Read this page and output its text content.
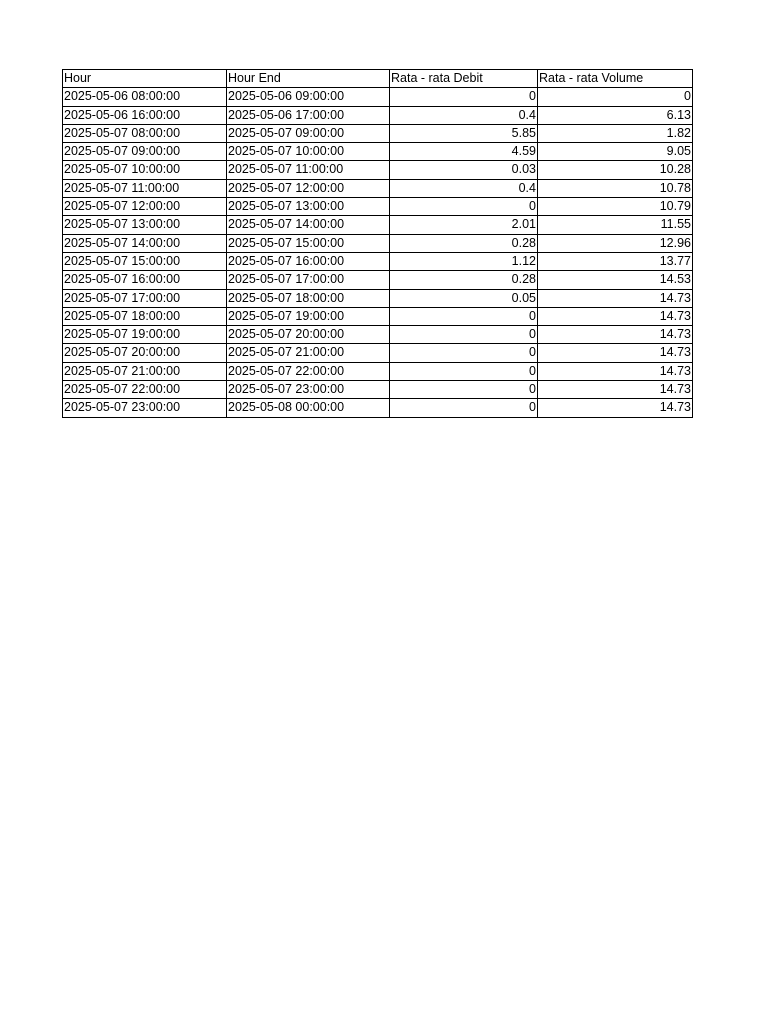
Hour	Hour End	Rata - rata Debit	Rata - rata Volume
2025-05-06 08:00:00	2025-05-06 09:00:00	0	0
2025-05-06 16:00:00	2025-05-06 17:00:00	0.4	6.13
2025-05-07 08:00:00	2025-05-07 09:00:00	5.85	1.82
2025-05-07 09:00:00	2025-05-07 10:00:00	4.59	9.05
2025-05-07 10:00:00	2025-05-07 11:00:00	0.03	10.28
2025-05-07 11:00:00	2025-05-07 12:00:00	0.4	10.78
2025-05-07 12:00:00	2025-05-07 13:00:00	0	10.79
2025-05-07 13:00:00	2025-05-07 14:00:00	2.01	11.55
2025-05-07 14:00:00	2025-05-07 15:00:00	0.28	12.96
2025-05-07 15:00:00	2025-05-07 16:00:00	1.12	13.77
2025-05-07 16:00:00	2025-05-07 17:00:00	0.28	14.53
2025-05-07 17:00:00	2025-05-07 18:00:00	0.05	14.73
2025-05-07 18:00:00	2025-05-07 19:00:00	0	14.73
2025-05-07 19:00:00	2025-05-07 20:00:00	0	14.73
2025-05-07 20:00:00	2025-05-07 21:00:00	0	14.73
2025-05-07 21:00:00	2025-05-07 22:00:00	0	14.73
2025-05-07 22:00:00	2025-05-07 23:00:00	0	14.73
2025-05-07 23:00:00	2025-05-08 00:00:00	0	14.73
